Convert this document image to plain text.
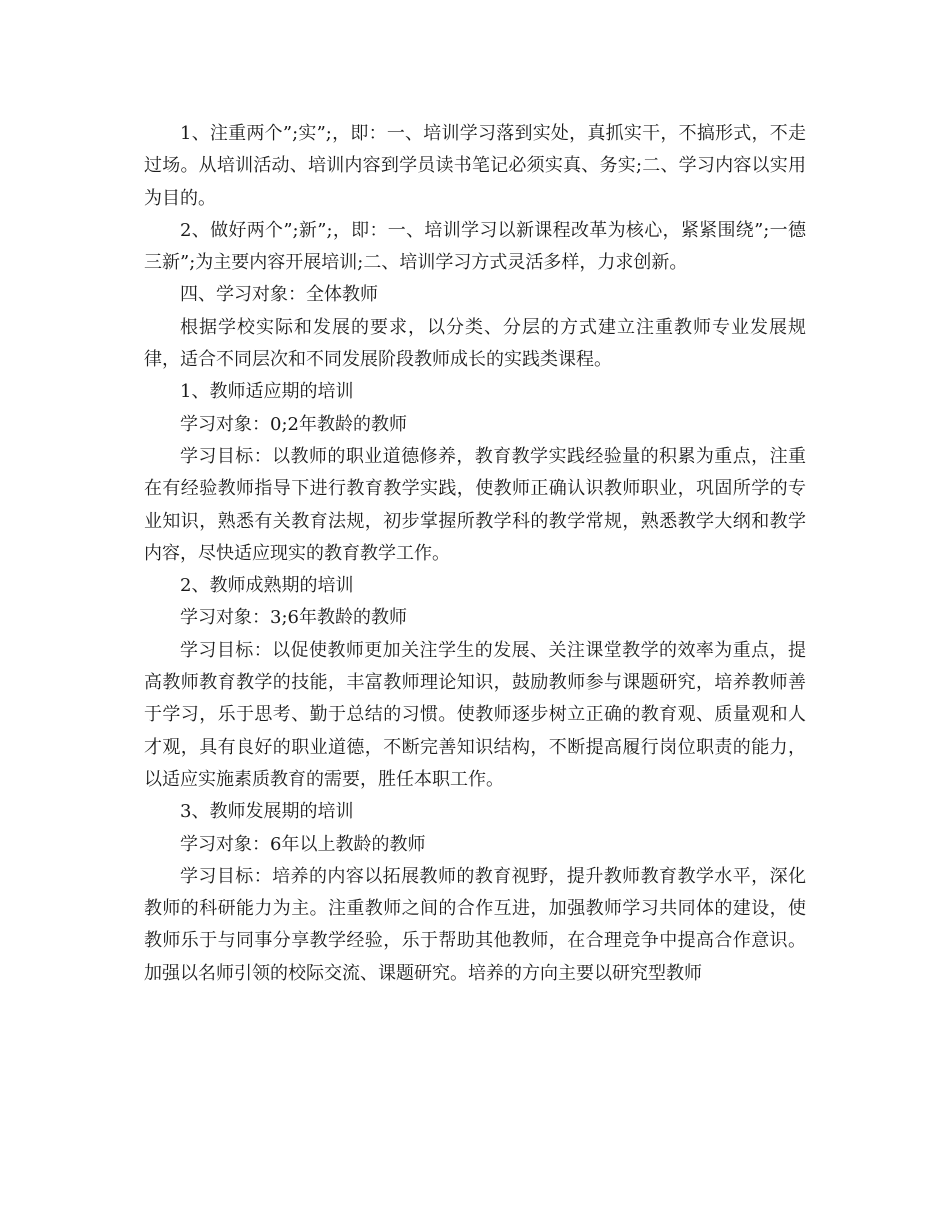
1、注重两个”;实”;，即：一、培训学习落到实处，真抓实干，不搞形式，不走过场。从培训活动、培训内容到学员读书笔记必须实真、务实;二、学习内容以实用为目的。

2、做好两个”;新”;，即：一、培训学习以新课程改革为核心，紧紧围绕”;一德三新”;为主要内容开展培训;二、培训学习方式灵活多样，力求创新。

四、学习对象：全体教师

根据学校实际和发展的要求，以分类、分层的方式建立注重教师专业发展规律，适合不同层次和不同发展阶段教师成长的实践类课程。

1、教师适应期的培训

学习对象：0;2年教龄的教师

学习目标：以教师的职业道德修养，教育教学实践经验量的积累为重点，注重在有经验教师指导下进行教育教学实践，使教师正确认识教师职业，巩固所学的专业知识，熟悉有关教育法规，初步掌握所教学科的教学常规，熟悉教学大纲和教学内容，尽快适应现实的教育教学工作。

2、教师成熟期的培训

学习对象：3;6年教龄的教师

学习目标：以促使教师更加关注学生的发展、关注课堂教学的效率为重点，提高教师教育教学的技能，丰富教师理论知识，鼓励教师参与课题研究，培养教师善于学习，乐于思考、勤于总结的习惯。使教师逐步树立正确的教育观、质量观和人才观，具有良好的职业道德，不断完善知识结构，不断提高履行岗位职责的能力，以适应实施素质教育的需要，胜任本职工作。

3、教师发展期的培训

学习对象：6年以上教龄的教师

学习目标：培养的内容以拓展教师的教育视野，提升教师教育教学水平，深化教师的科研能力为主。注重教师之间的合作互进，加强教师学习共同体的建设，使教师乐于与同事分享教学经验，乐于帮助其他教师，在合理竞争中提高合作意识。加强以名师引领的校际交流、课题研究。培养的方向主要以研究型教师
